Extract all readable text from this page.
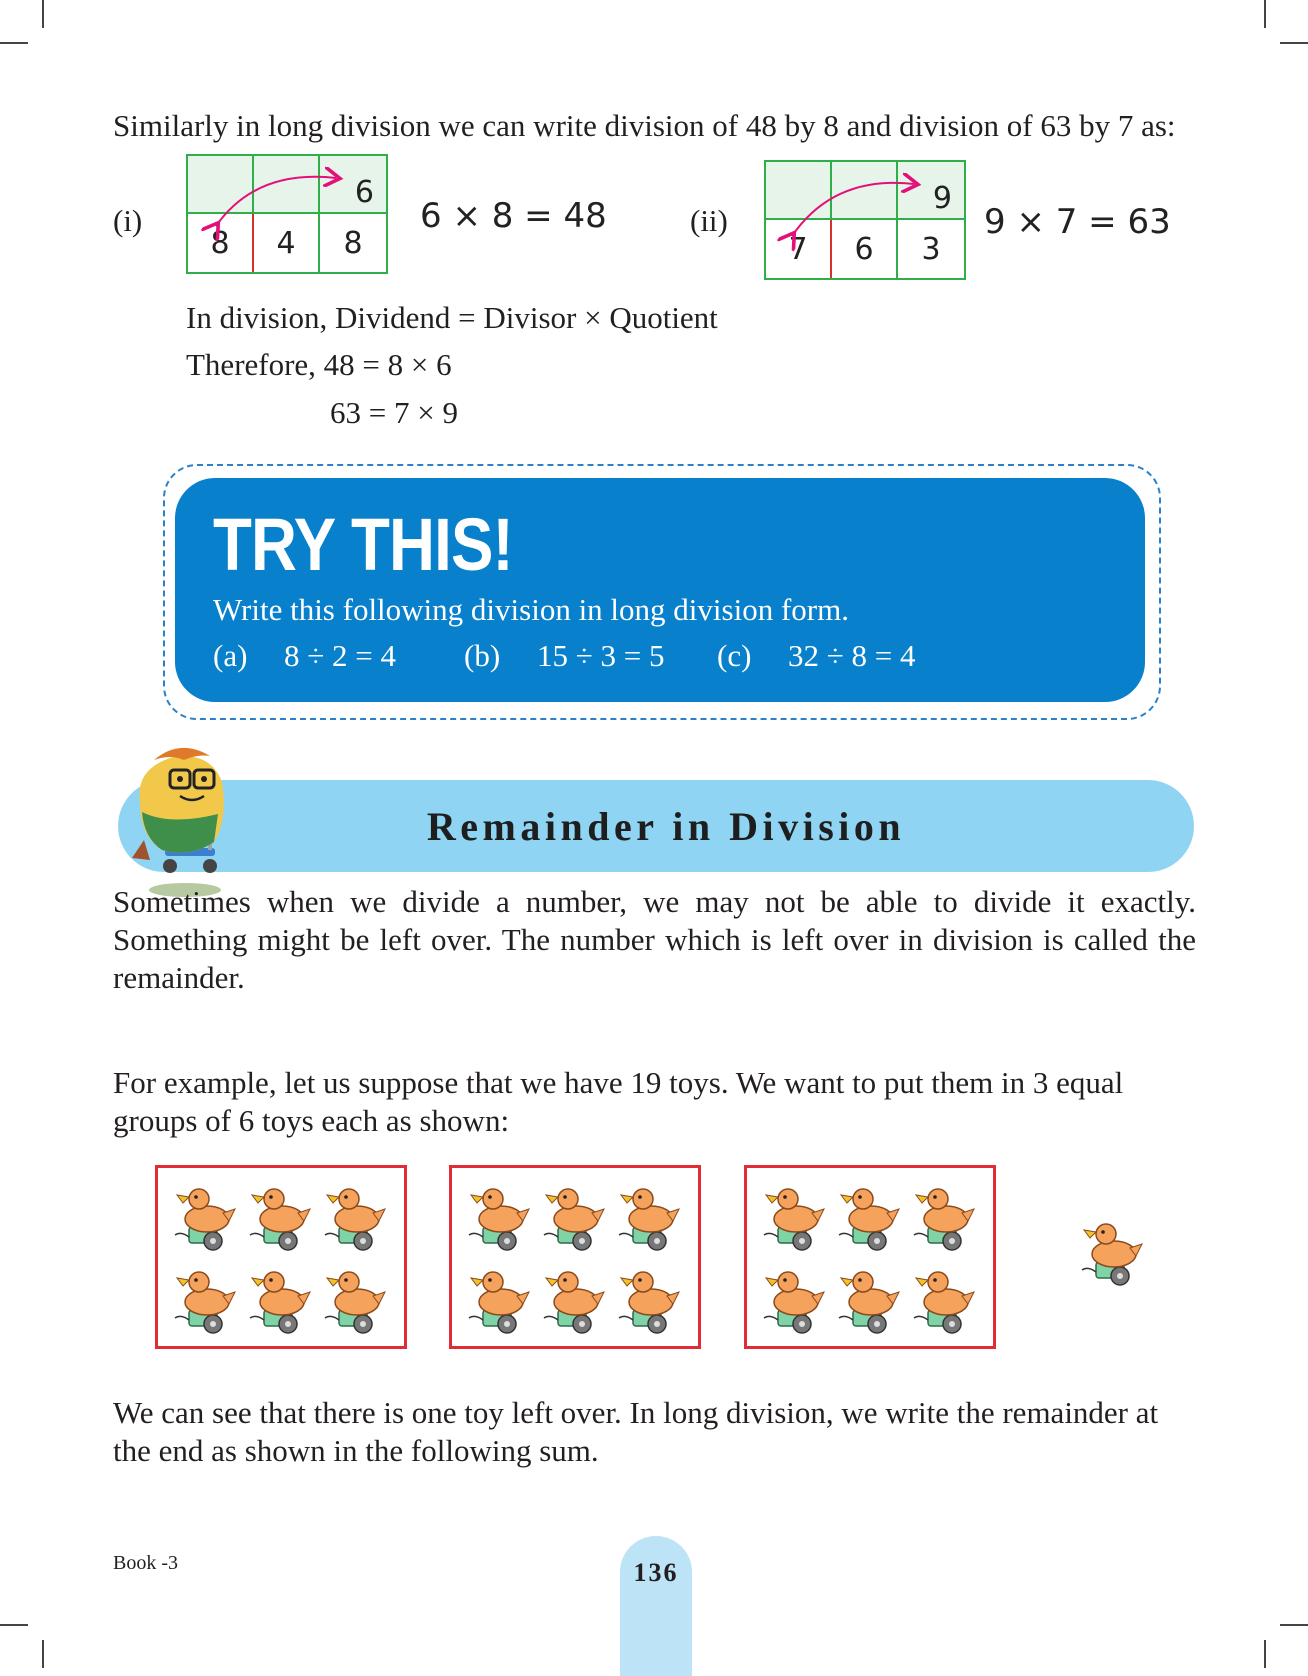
Similarly in long division we can write division of 48 by 8 and division of 63 by 7 as:
(i)
6
8 4 8
6 × 8 = 48	(ii)
9
7 6 3
9 × 7 = 63
In division, Dividend = Divisor × Quotient
Therefore, 48 = 8 × 6
63 = 7 × 9
TRY THIS!
Write this following division in long division form.
(a) 8 ÷ 2 = 4 (b) 15 ÷ 3 = 5 (c) 32 ÷ 8 = 4
Remainder in Division
Sometimes when we divide a number, we may not be able to divide it exactly. Something might be left over. The number which is left over in division is called the remainder.
For example, let us suppose that we have 19 toys. We want to put them in 3 equal groups of 6 toys each as shown:
We can see that there is one toy left over. In long division, we write the remainder at the end as shown in the following sum.
Book -3	136
